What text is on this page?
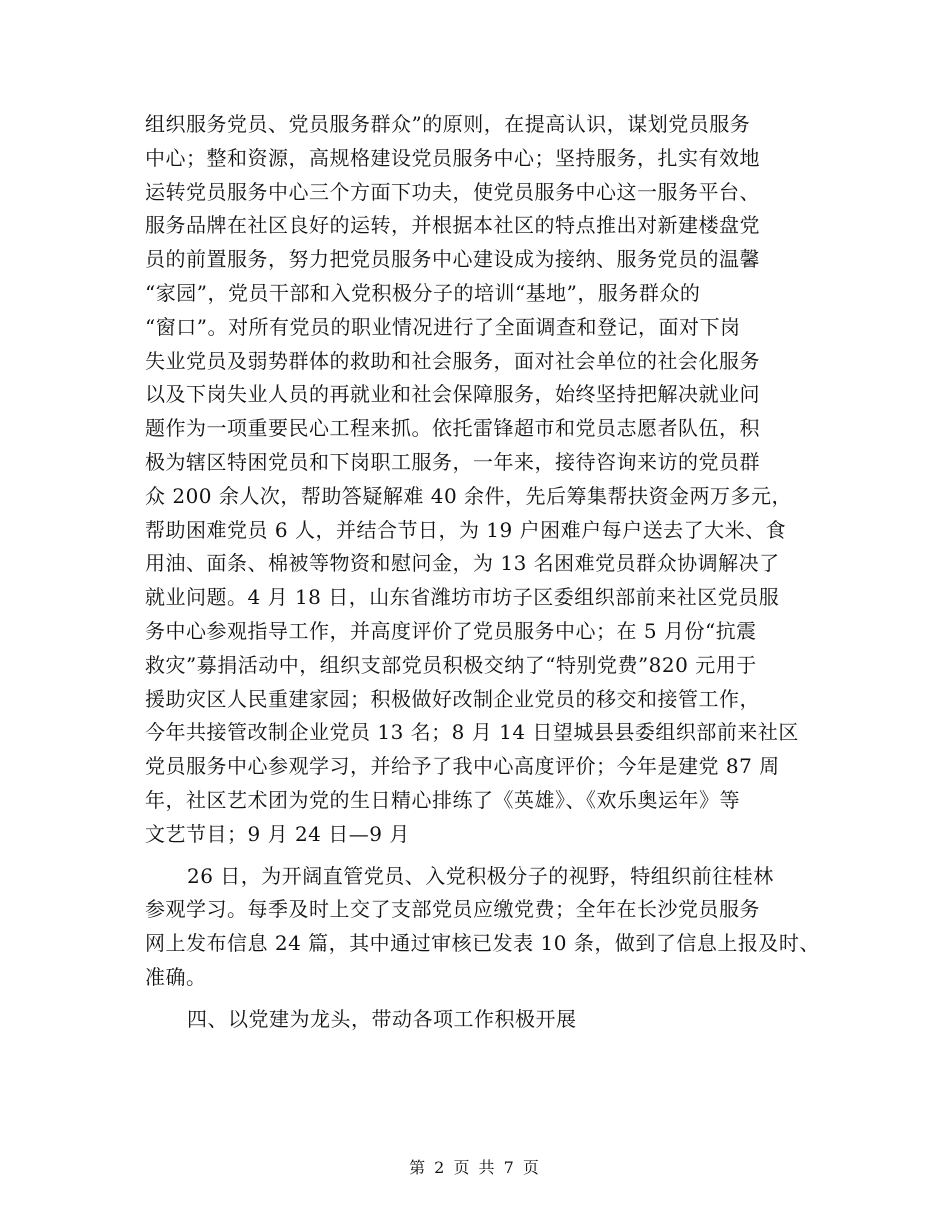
组织服务党员、党员服务群众”的原则，在提高认识，谋划党员服务
中心；整和资源，高规格建设党员服务中心；坚持服务，扎实有效地
运转党员服务中心三个方面下功夫，使党员服务中心这一服务平台、
服务品牌在社区良好的运转，并根据本社区的特点推出对新建楼盘党
员的前置服务，努力把党员服务中心建设成为接纳、服务党员的温馨
“家园”，党员干部和入党积极分子的培训“基地”，服务群众的
“窗口”。对所有党员的职业情况进行了全面调查和登记，面对下岗
失业党员及弱势群体的救助和社会服务，面对社会单位的社会化服务
以及下岗失业人员的再就业和社会保障服务，始终坚持把解决就业问
题作为一项重要民心工程来抓。依托雷锋超市和党员志愿者队伍，积
极为辖区特困党员和下岗职工服务，一年来，接待咨询来访的党员群
众 200 余人次，帮助答疑解难 40 余件，先后筹集帮扶资金两万多元，
帮助困难党员 6 人，并结合节日，为 19 户困难户每户送去了大米、食
用油、面条、棉被等物资和慰问金，为 13 名困难党员群众协调解决了
就业问题。4 月 18 日，山东省潍坊市坊子区委组织部前来社区党员服
务中心参观指导工作，并高度评价了党员服务中心；在 5 月份“抗震
救灾”募捐活动中，组织支部党员积极交纳了“特别党费”820 元用于
援助灾区人民重建家园；积极做好改制企业党员的移交和接管工作，
今年共接管改制企业党员 13 名；8 月 14 日望城县县委组织部前来社区
党员服务中心参观学习，并给予了我中心高度评价；今年是建党 87 周
年，社区艺术团为党的生日精心排练了《英雄》、《欢乐奥运年》等
文艺节目；9 月 24 日—9 月
26 日，为开阔直管党员、入党积极分子的视野，特组织前往桂林
参观学习。每季及时上交了支部党员应缴党费；全年在长沙党员服务
网上发布信息 24 篇，其中通过审核已发表 10 条，做到了信息上报及时、
准确。
四、以党建为龙头，带动各项工作积极开展
第 2 页 共 7 页
